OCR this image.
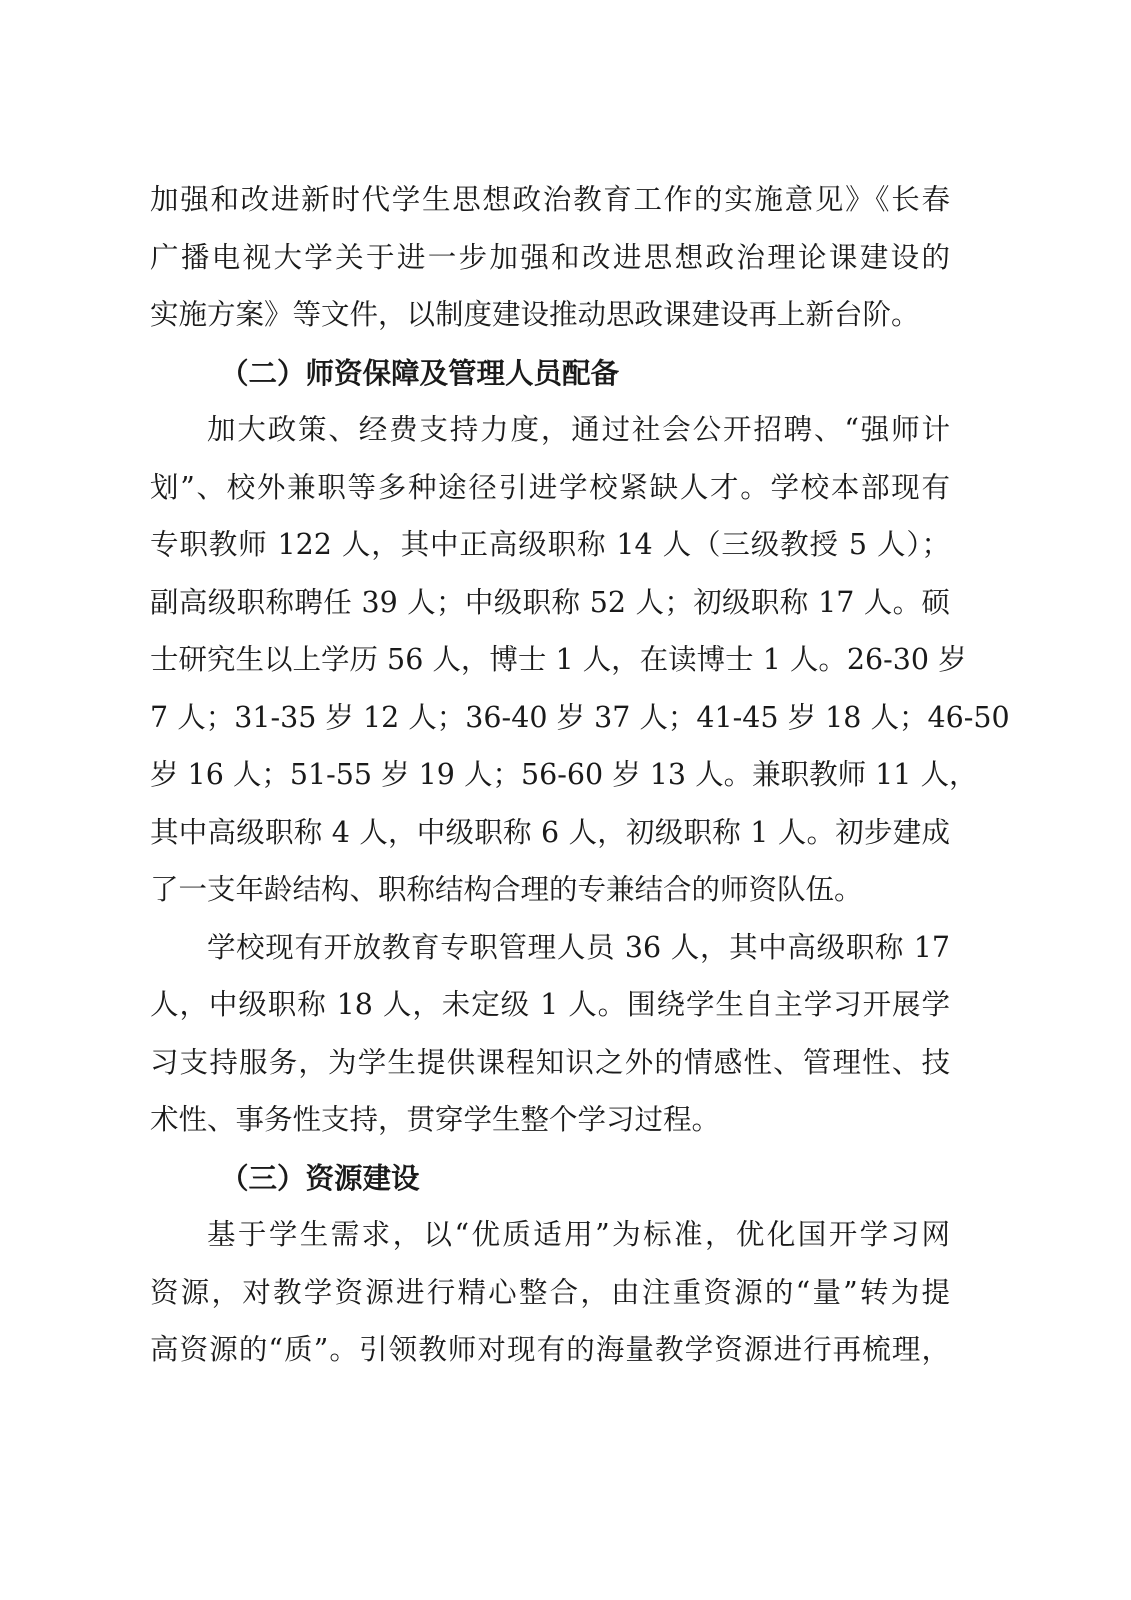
加强和改进新时代学生思想政治教育工作的实施意见》《长春
广播电视大学关于进一步加强和改进思想政治理论课建设的
实施方案》等文件，以制度建设推动思政课建设再上新台阶。
（二）师资保障及管理人员配备
加大政策、经费支持力度，通过社会公开招聘、“强师计
划”、校外兼职等多种途径引进学校紧缺人才。学校本部现有
专职教师 122 人，其中正高级职称 14 人（三级教授 5 人）；
副高级职称聘任 39 人；中级职称 52 人；初级职称 17 人。硕
士研究生以上学历 56 人，博士 1 人，在读博士 1 人。26-30 岁
7 人；31-35 岁 12 人；36-40 岁 37 人；41-45 岁 18 人；46-50
岁 16 人；51-55 岁 19 人；56-60 岁 13 人。兼职教师 11 人，
其中高级职称 4 人，中级职称 6 人，初级职称 1 人。初步建成
了一支年龄结构、职称结构合理的专兼结合的师资队伍。
学校现有开放教育专职管理人员 36 人，其中高级职称 17
人，中级职称 18 人，未定级 1 人。围绕学生自主学习开展学
习支持服务，为学生提供课程知识之外的情感性、管理性、技
术性、事务性支持，贯穿学生整个学习过程。
（三）资源建设
基于学生需求，以“优质适用”为标准，优化国开学习网
资源，对教学资源进行精心整合，由注重资源的“量”转为提
高资源的“质”。引领教师对现有的海量教学资源进行再梳理，
